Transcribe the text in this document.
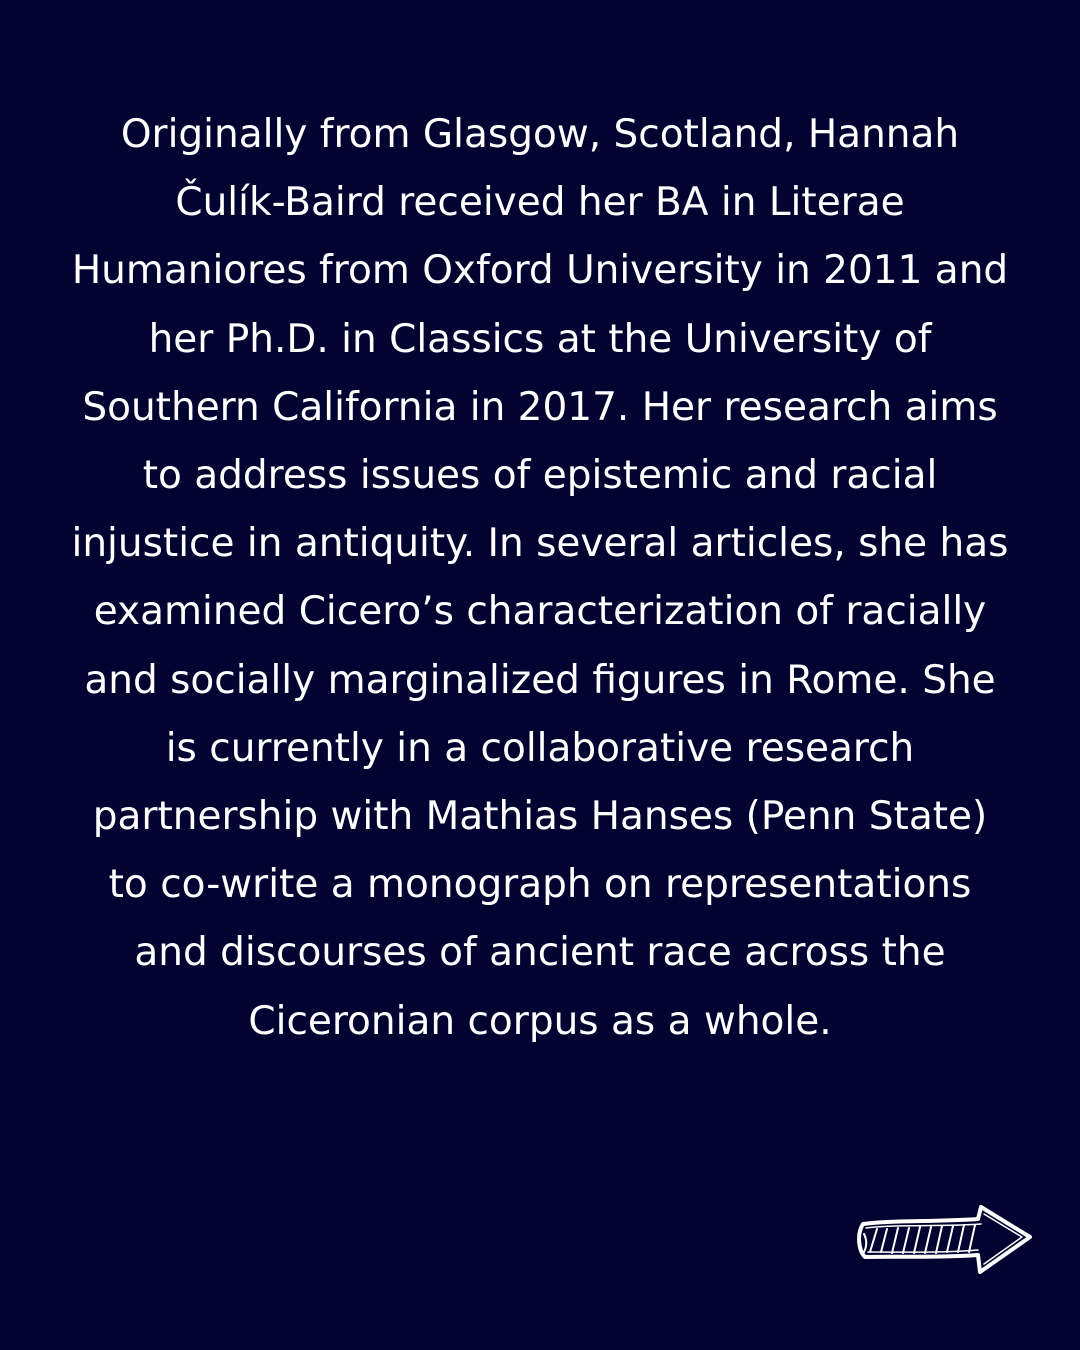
Originally from Glasgow, Scotland, Hannah
Čulík-Baird received her BA in Literae
Humaniores from Oxford University in 2011 and
her Ph.D. in Classics at the University of
Southern California in 2017. Her research aims
to address issues of epistemic and racial
injustice in antiquity. In several articles, she has
examined Cicero’s characterization of racially
and socially marginalized figures in Rome. She
is currently in a collaborative research
partnership with Mathias Hanses (Penn State)
to co-write a monograph on representations
and discourses of ancient race across the
Ciceronian corpus as a whole.
